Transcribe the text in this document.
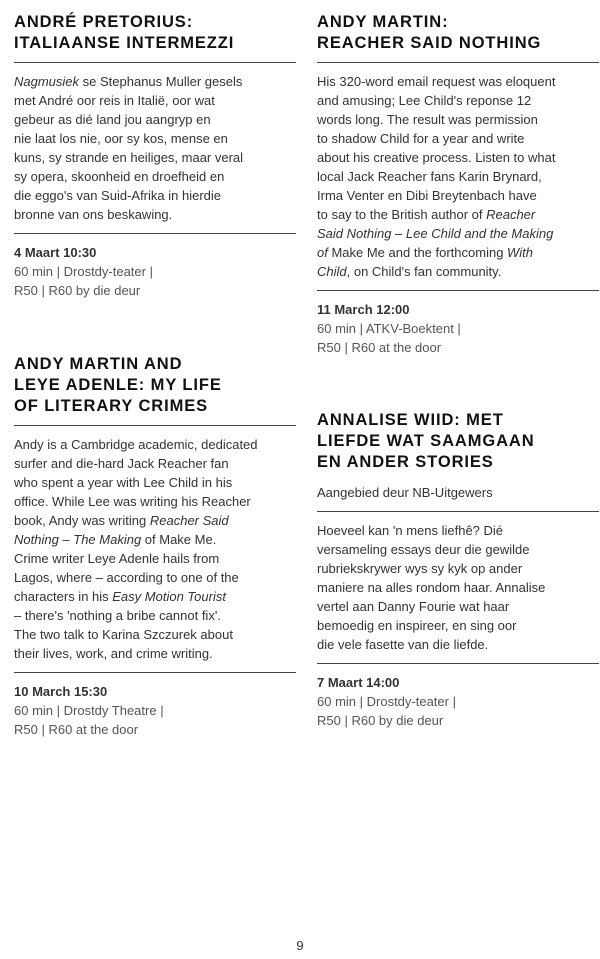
ANDRÉ PRETORIUS:
ITALIAANSE INTERMEZZI

Nagmusiek se Stephanus Muller gesels
met André oor reis in Italië, oor wat
gebeur as dié land jou aangryp en
nie laat los nie, oor sy kos, mense en
kuns, sy strande en heiliges, maar veral
sy opera, skoonheid en droefheid en
die eggo's van Suid-Afrika in hierdie
bronne van ons beskawing.

4 Maart 10:30

60 min | Drostdy-teater |

R50 | R60 by die deur

ANDY MARTIN AND
LEYE ADENLE: MY LIFE
OF LITERARY CRIMES

Andy is a Cambridge academic, dedicated
surfer and die-hard Jack Reacher fan
who spent a year with Lee Child in his
office. While Lee was writing his Reacher
book, Andy was writing Reacher Said
Nothing – The Making of Make Me.
Crime writer Leye Adenle hails from
Lagos, where – according to one of the
characters in his Easy Motion Tourist
– there's 'nothing a bribe cannot fix'.
The two talk to Karina Szczurek about
their lives, work, and crime writing.

10 March 15:30

60 min | Drostdy Theatre |

R50 | R60 at the door

ANDY MARTIN:
REACHER SAID NOTHING

His 320-word email request was eloquent
and amusing; Lee Child's reponse 12
words long. The result was permission
to shadow Child for a year and write
about his creative process. Listen to what
local Jack Reacher fans Karin Brynard,
Irma Venter en Dibi Breytenbach have
to say to the British author of Reacher
Said Nothing – Lee Child and the Making
of Make Me and the forthcoming With
Child, on Child's fan community.

11 March 12:00

60 min | ATKV-Boektent |

R50 | R60 at the door

ANNALISE WIID: MET
LIEFDE WAT SAAMGAAN
EN ANDER STORIES

Aangebied deur NB-Uitgewers

Hoeveel kan 'n mens liefhê? Dié
versameling essays deur die gewilde
rubriekskrywer wys sy kyk op ander
maniere na alles rondom haar. Annalise
vertel aan Danny Fourie wat haar
bemoedig en inspireer, en sing oor
die vele fasette van die liefde.

7 Maart 14:00

60 min | Drostdy-teater |

R50 | R60 by die deur

9
